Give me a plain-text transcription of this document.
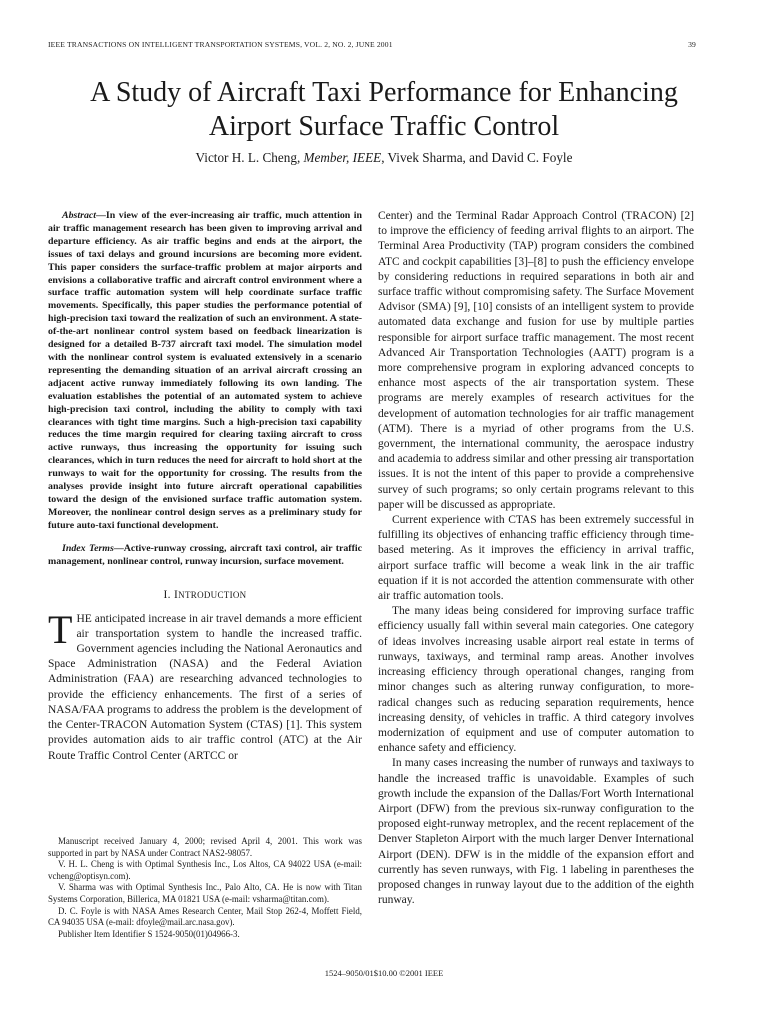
IEEE TRANSACTIONS ON INTELLIGENT TRANSPORTATION SYSTEMS, VOL. 2, NO. 2, JUNE 2001	39
A Study of Aircraft Taxi Performance for Enhancing
Airport Surface Traffic Control
Victor H. L. Cheng, Member, IEEE, Vivek Sharma, and David C. Foyle

Abstract—In view of the ever-increasing air traffic, much attention in air traffic management research has been given to improving arrival and departure efficiency. As air traffic begins and ends at the airport, the issues of taxi delays and ground incursions are becoming more evident. This paper considers the surface-traffic problem at major airports and envisions a collaborative traffic and aircraft control environment where a surface traffic automation system will help coordinate surface traffic movements. Specifically, this paper studies the performance potential of high-precision taxi toward the realization of such an environment. A state-of-the-art nonlinear control system based on feedback linearization is designed for a detailed B-737 aircraft taxi model. The simulation model with the nonlinear control system is evaluated extensively in a scenario representing the demanding situation of an arrival aircraft crossing an adjacent active runway immediately following its own landing. The evaluation establishes the potential of an automated system to achieve high-precision taxi control, including the ability to comply with taxi clearances with tight time margins. Such a high-precision taxi capability reduces the time margin required for clearing taxiing aircraft to cross active runways, thus increasing the opportunity for issuing such clearances, which in turn reduces the need for aircraft to hold short at the runways to wait for the opportunity for crossing. The results from the analyses provide insight into future aircraft operational capabilities toward the design of the envisioned surface traffic automation system. Moreover, the nonlinear control design serves as a preliminary study for future auto-taxi functional development.

Index Terms—Active-runway crossing, aircraft taxi control, air traffic management, nonlinear control, runway incursion, surface movement.

I. INTRODUCTION

THE anticipated increase in air travel demands a more efficient air transportation system to handle the increased traffic. Government agencies including the National Aeronautics and Space Administration (NASA) and the Federal Aviation Administration (FAA) are researching advanced technologies to provide the efficiency enhancements. The first of a series of NASA/FAA programs to address the problem is the development of the Center-TRACON Automation System (CTAS) [1]. This system provides automation aids to air traffic control (ATC) at the Air Route Traffic Control Center (ARTCC or

Manuscript received January 4, 2000; revised April 4, 2001. This work was supported in part by NASA under Contract NAS2-98057.

V. H. L. Cheng is with Optimal Synthesis Inc., Los Altos, CA 94022 USA (e-mail: vcheng@optisyn.com).

V. Sharma was with Optimal Synthesis Inc., Palo Alto, CA. He is now with Titan Systems Corporation, Billerica, MA 01821 USA (e-mail: vsharma@titan.com).

D. C. Foyle is with NASA Ames Research Center, Mail Stop 262-4, Moffett Field, CA 94035 USA (e-mail: dfoyle@mail.arc.nasa.gov).

Publisher Item Identifier S 1524-9050(01)04966-3.

Center) and the Terminal Radar Approach Control (TRACON) [2] to improve the efficiency of feeding arrival flights to an airport. The Terminal Area Productivity (TAP) program considers the combined ATC and cockpit capabilities [3]–[8] to push the efficiency envelope by considering reductions in required separations in both air and surface traffic without compromising safety. The Surface Movement Advisor (SMA) [9], [10] consists of an intelligent system to provide automated data exchange and fusion for use by multiple parties responsible for airport surface traffic management. The most recent Advanced Air Transportation Technologies (AATT) program is a more comprehensive program in exploring advanced concepts to enhance most aspects of the air transportation system. These programs are merely examples of research activitues for the development of automation technologies for air traffic management (ATM). There is a myriad of other programs from the U.S. government, the international community, the aerospace industry and academia to address similar and other pressing air transportation issues. It is not the intent of this paper to provide a comprehensive survey of such programs; so only certain programs relevant to this paper will be discussed as appropriate.

Current experience with CTAS has been extremely successful in fulfilling its objectives of enhancing traffic efficiency through time-based metering. As it improves the efficiency in arrival traffic, airport surface traffic will become a weak link in the air traffic equation if it is not accorded the attention commensurate with other air traffic automation tools.

The many ideas being considered for improving surface traffic efficiency usually fall within several main categories. One category of ideas involves increasing usable airport real estate in terms of runways, taxiways, and terminal ramp areas. Another involves increasing efficiency through operational changes, ranging from minor changes such as altering runway configuration, to more-radical changes such as reducing separation requirements, hence increasing density, of vehicles in traffic. A third category involves modernization of equipment and use of computer automation to enhance safety and efficiency.

In many cases increasing the number of runways and taxiways to handle the increased traffic is unavoidable. Examples of such growth include the expansion of the Dallas/Fort Worth International Airport (DFW) from the previous six-runway configuration to the proposed eight-runway metroplex, and the recent replacement of the Denver Stapleton Airport with the much larger Denver International Airport (DEN). DFW is in the middle of the expansion effort and currently has seven runways, with Fig. 1 labeling in parentheses the proposed changes in runway layout due to the addition of the eighth runway.

1524–9050/01$10.00 ©2001 IEEE
